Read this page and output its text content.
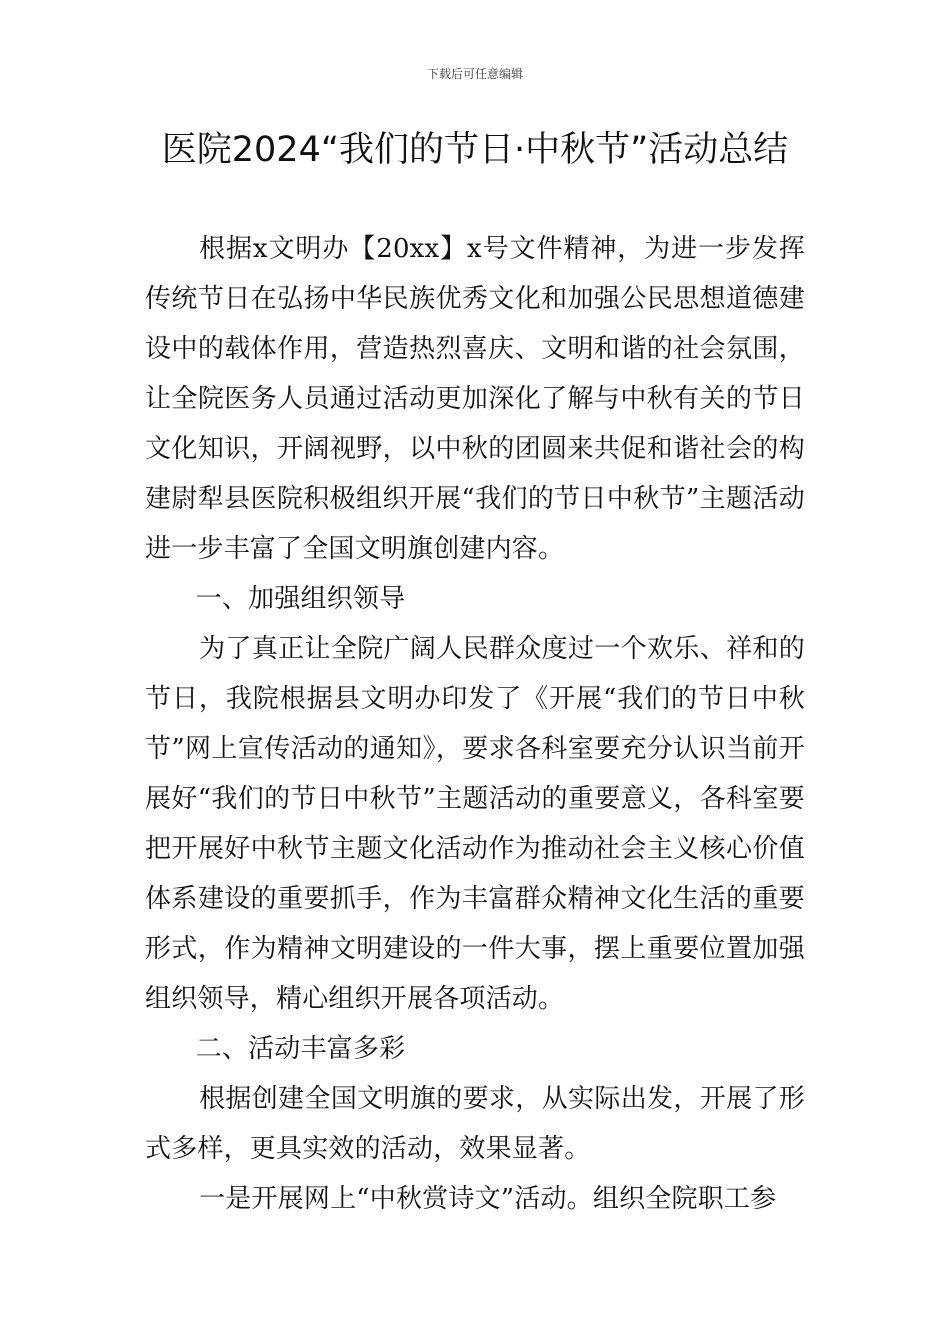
下载后可任意编辑
医院2024“我们的节日·中秋节”活动总结

根据x文明办【20xx】x号文件精神，为进一步发挥传统节日在弘扬中华民族优秀文化和加强公民思想道德建设中的载体作用，营造热烈喜庆、文明和谐的社会氛围，让全院医务人员通过活动更加深化了解与中秋有关的节日文化知识，开阔视野，以中秋的团圆来共促和谐社会的构建尉犁县医院积极组织开展“我们的节日中秋节”主题活动进一步丰富了全国文明旗创建内容。

一、加强组织领导

为了真正让全院广阔人民群众度过一个欢乐、祥和的节日，我院根据县文明办印发了《开展“我们的节日中秋节”网上宣传活动的通知》，要求各科室要充分认识当前开展好“我们的节日中秋节”主题活动的重要意义，各科室要把开展好中秋节主题文化活动作为推动社会主义核心价值体系建设的重要抓手，作为丰富群众精神文化生活的重要形式，作为精神文明建设的一件大事，摆上重要位置加强组织领导，精心组织开展各项活动。

二、活动丰富多彩

根据创建全国文明旗的要求，从实际出发，开展了形式多样，更具实效的活动，效果显著。

一是开展网上“中秋赏诗文”活动。组织全院职工参
